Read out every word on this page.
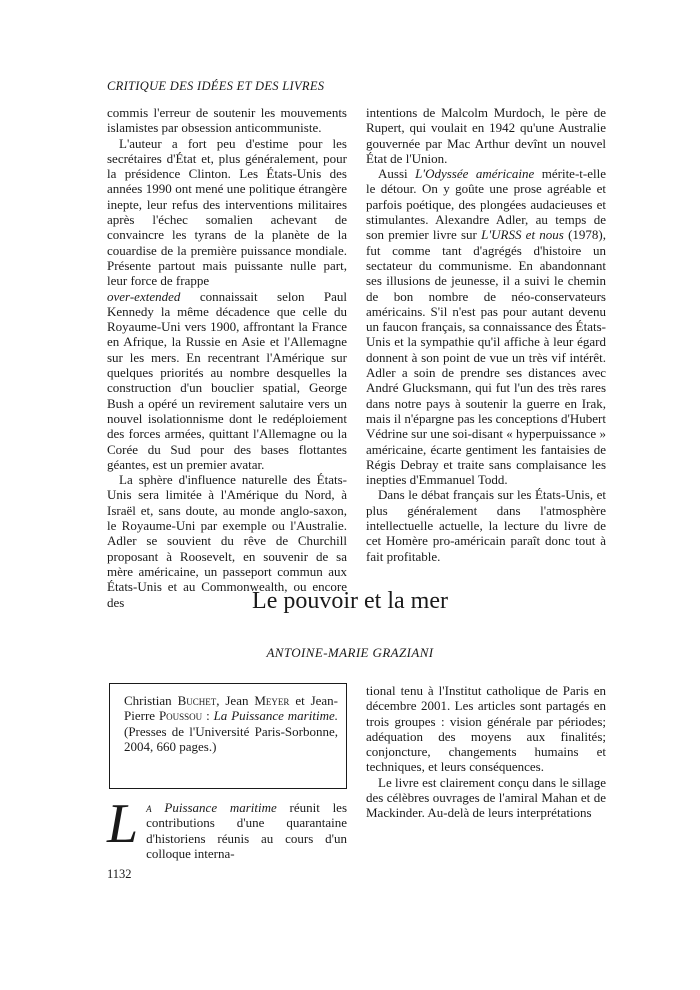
CRITIQUE DES IDÉES ET DES LIVRES

commis l'erreur de soutenir les mouvements islamistes par obsession anticommuniste.

L'auteur a fort peu d'estime pour les secrétaires d'État et, plus généralement, pour la présidence Clinton. Les États-Unis des années 1990 ont mené une politique étrangère inepte, leur refus des interventions militaires après l'échec somalien achevant de convaincre les tyrans de la planète de la couardise de la première puissance mondiale. Présente partout mais puissante nulle part, leur force de frappe

over-extended connaissait selon Paul Kennedy la même décadence que celle du Royaume-Uni vers 1900, affrontant la France en Afrique, la Russie en Asie et l'Allemagne sur les mers. En recentrant l'Amérique sur quelques priorités au nombre desquelles la construction d'un bouclier spatial, George Bush a opéré un revirement salutaire vers un nouvel isolationnisme dont le redéploiement des forces armées, quittant l'Allemagne ou la Corée du Sud pour des bases flottantes géantes, est un premier avatar.

La sphère d'influence naturelle des États-Unis sera limitée à l'Amérique du Nord, à Israël et, sans doute, au monde anglo-saxon, le Royaume-Uni par exemple ou l'Australie. Adler se souvient du rêve de Churchill proposant à Roosevelt, en souvenir de sa mère américaine, un passeport commun aux États-Unis et au Commonwealth, ou encore des

intentions de Malcolm Murdoch, le père de Rupert, qui voulait en 1942 qu'une Australie gouvernée par Mac Arthur devînt un nouvel État de l'Union.

Aussi L'Odyssée américaine mérite-t-elle le détour. On y goûte une prose agréable et parfois poétique, des plongées audacieuses et stimulantes. Alexandre Adler, au temps de son premier livre sur L'URSS et nous (1978), fut comme tant d'agrégés d'histoire un sectateur du communisme. En abandonnant ses illusions de jeunesse, il a suivi le chemin de bon nombre de néo-conservateurs américains. S'il n'est pas pour autant devenu un faucon français, sa connaissance des États-Unis et la sympathie qu'il affiche à leur égard donnent à son point de vue un très vif intérêt. Adler a soin de prendre ses distances avec André Glucksmann, qui fut l'un des très rares dans notre pays à soutenir la guerre en Irak, mais il n'épargne pas les conceptions d'Hubert Védrine sur une soi-disant « hyperpuissance » américaine, écarte gentiment les fantaisies de Régis Debray et traite sans complaisance les inepties d'Emmanuel Todd.

Dans le débat français sur les États-Unis, et plus généralement dans l'atmosphère intellectuelle actuelle, la lecture du livre de cet Homère pro-américain paraît donc tout à fait profitable.

Le pouvoir et la mer
ANTOINE-MARIE GRAZIANI
Christian Buchet, Jean Meyer et Jean-Pierre Poussou : La Puissance maritime. (Presses de l'Université Paris-Sorbonne, 2004, 660 pages.)
La Puissance maritime réunit les contributions d'une quarantaine d'historiens réunis au cours d'un colloque interna-

tional tenu à l'Institut catholique de Paris en décembre 2001. Les articles sont partagés en trois groupes : vision générale par périodes; adéquation des moyens aux finalités; conjoncture, changements humains et techniques, et leurs conséquences.

Le livre est clairement conçu dans le sillage des célèbres ouvrages de l'amiral Mahan et de Mackinder. Au-delà de leurs interprétations

1132
